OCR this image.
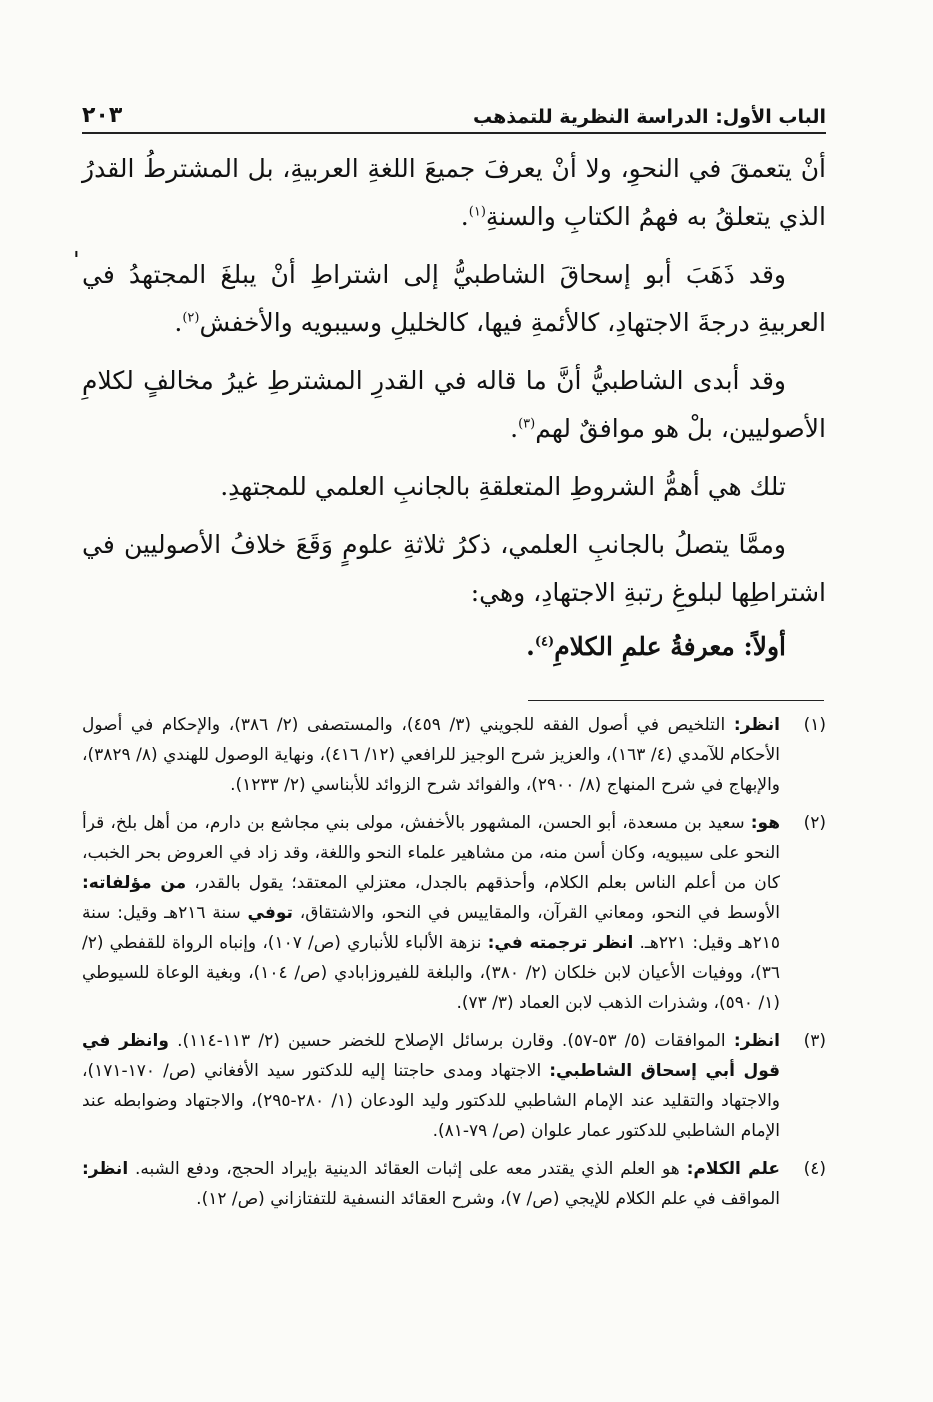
الباب الأول: الدراسة النظرية للتمذهب
٢٠٣
ˌ

أنْ يتعمقَ في النحوِ، ولا أنْ يعرفَ جميعَ اللغةِ العربيةِ، بل المشترطُ القدرُ الذي يتعلقُ به فهمُ الكتابِ والسنةِ$^{(١)}$.

وقد ذَهَبَ أبو إسحاقَ الشاطبيُّ إلى اشتراطِ أنْ يبلغَ المجتهدُ في العربيةِ درجةَ الاجتهادِ، كالأئمةِ فيها، كالخليلِ وسيبويه والأخفش$^{(٢)}$.

وقد أبدى الشاطبيُّ أنَّ ما قاله في القدرِ المشترطِ غيرُ مخالفٍ لكلامِ الأصوليين، بلْ هو موافقٌ لهم$^{(٣)}$.

تلك هي أهمُّ الشروطِ المتعلقةِ بالجانبِ العلمي للمجتهدِ.

وممَّا يتصلُ بالجانبِ العلمي، ذكرُ ثلاثةِ علومٍ وَقَعَ خلافُ الأصوليين في اشتراطِها لبلوغِ رتبةِ الاجتهادِ، وهي:

أولاً: معرفةُ علمِ الكلامِ$^{(٤)}$.

(١)
انظر: التلخيص في أصول الفقه للجويني (٣/ ٤٥٩)، والمستصفى (٢/ ٣٨٦)، والإحكام في أصول الأحكام للآمدي (٤/ ١٦٣)، والعزيز شرح الوجيز للرافعي (١٢/ ٤١٦)، ونهاية الوصول للهندي (٨/ ٣٨٢٩)، والإبهاج في شرح المنهاج (٨/ ٢٩٠٠)، والفوائد شرح الزوائد للأبناسي (٢/ ١٢٣٣).
(٢)
هو: سعيد بن مسعدة، أبو الحسن، المشهور بالأخفش، مولى بني مجاشع بن دارم، من أهل بلخ، قرأ النحو على سيبويه، وكان أسن منه، من مشاهير علماء النحو واللغة، وقد زاد في العروض بحر الخبب، كان من أعلم الناس بعلم الكلام، وأحذقهم بالجدل، معتزلي المعتقد؛ يقول بالقدر، من مؤلفاته: الأوسط في النحو، ومعاني القرآن، والمقاييس في النحو، والاشتقاق، توفي سنة ٢١٦هـ وقيل: سنة ٢١٥هـ وقيل: ٢٢١هـ. انظر ترجمته في: نزهة الألباء للأنباري (ص/ ١٠٧)، وإنباه الرواة للقفطي (٢/ ٣٦)، ووفيات الأعيان لابن خلكان (٢/ ٣٨٠)، والبلغة للفيروزابادي (ص/ ١٠٤)، وبغية الوعاة للسيوطي (١/ ٥٩٠)، وشذرات الذهب لابن العماد (٣/ ٧٣).
(٣)
انظر: الموافقات (٥/ ٥٣-٥٧). وقارن برسائل الإصلاح للخضر حسين (٢/ ١١٣-١١٤). وانظر في قول أبي إسحاق الشاطبي: الاجتهاد ومدى حاجتنا إليه للدكتور سيد الأفغاني (ص/ ١٧٠-١٧١)، والاجتهاد والتقليد عند الإمام الشاطبي للدكتور وليد الودعان (١/ ٢٨٠-٢٩٥)، والاجتهاد وضوابطه عند الإمام الشاطبي للدكتور عمار علوان (ص/ ٧٩-٨١).
(٤)
علم الكلام: هو العلم الذي يقتدر معه على إثبات العقائد الدينية بإيراد الحجج، ودفع الشبه. انظر: المواقف في علم الكلام للإيجي (ص/ ٧)، وشرح العقائد النسفية للتفتازاني (ص/ ١٢).
